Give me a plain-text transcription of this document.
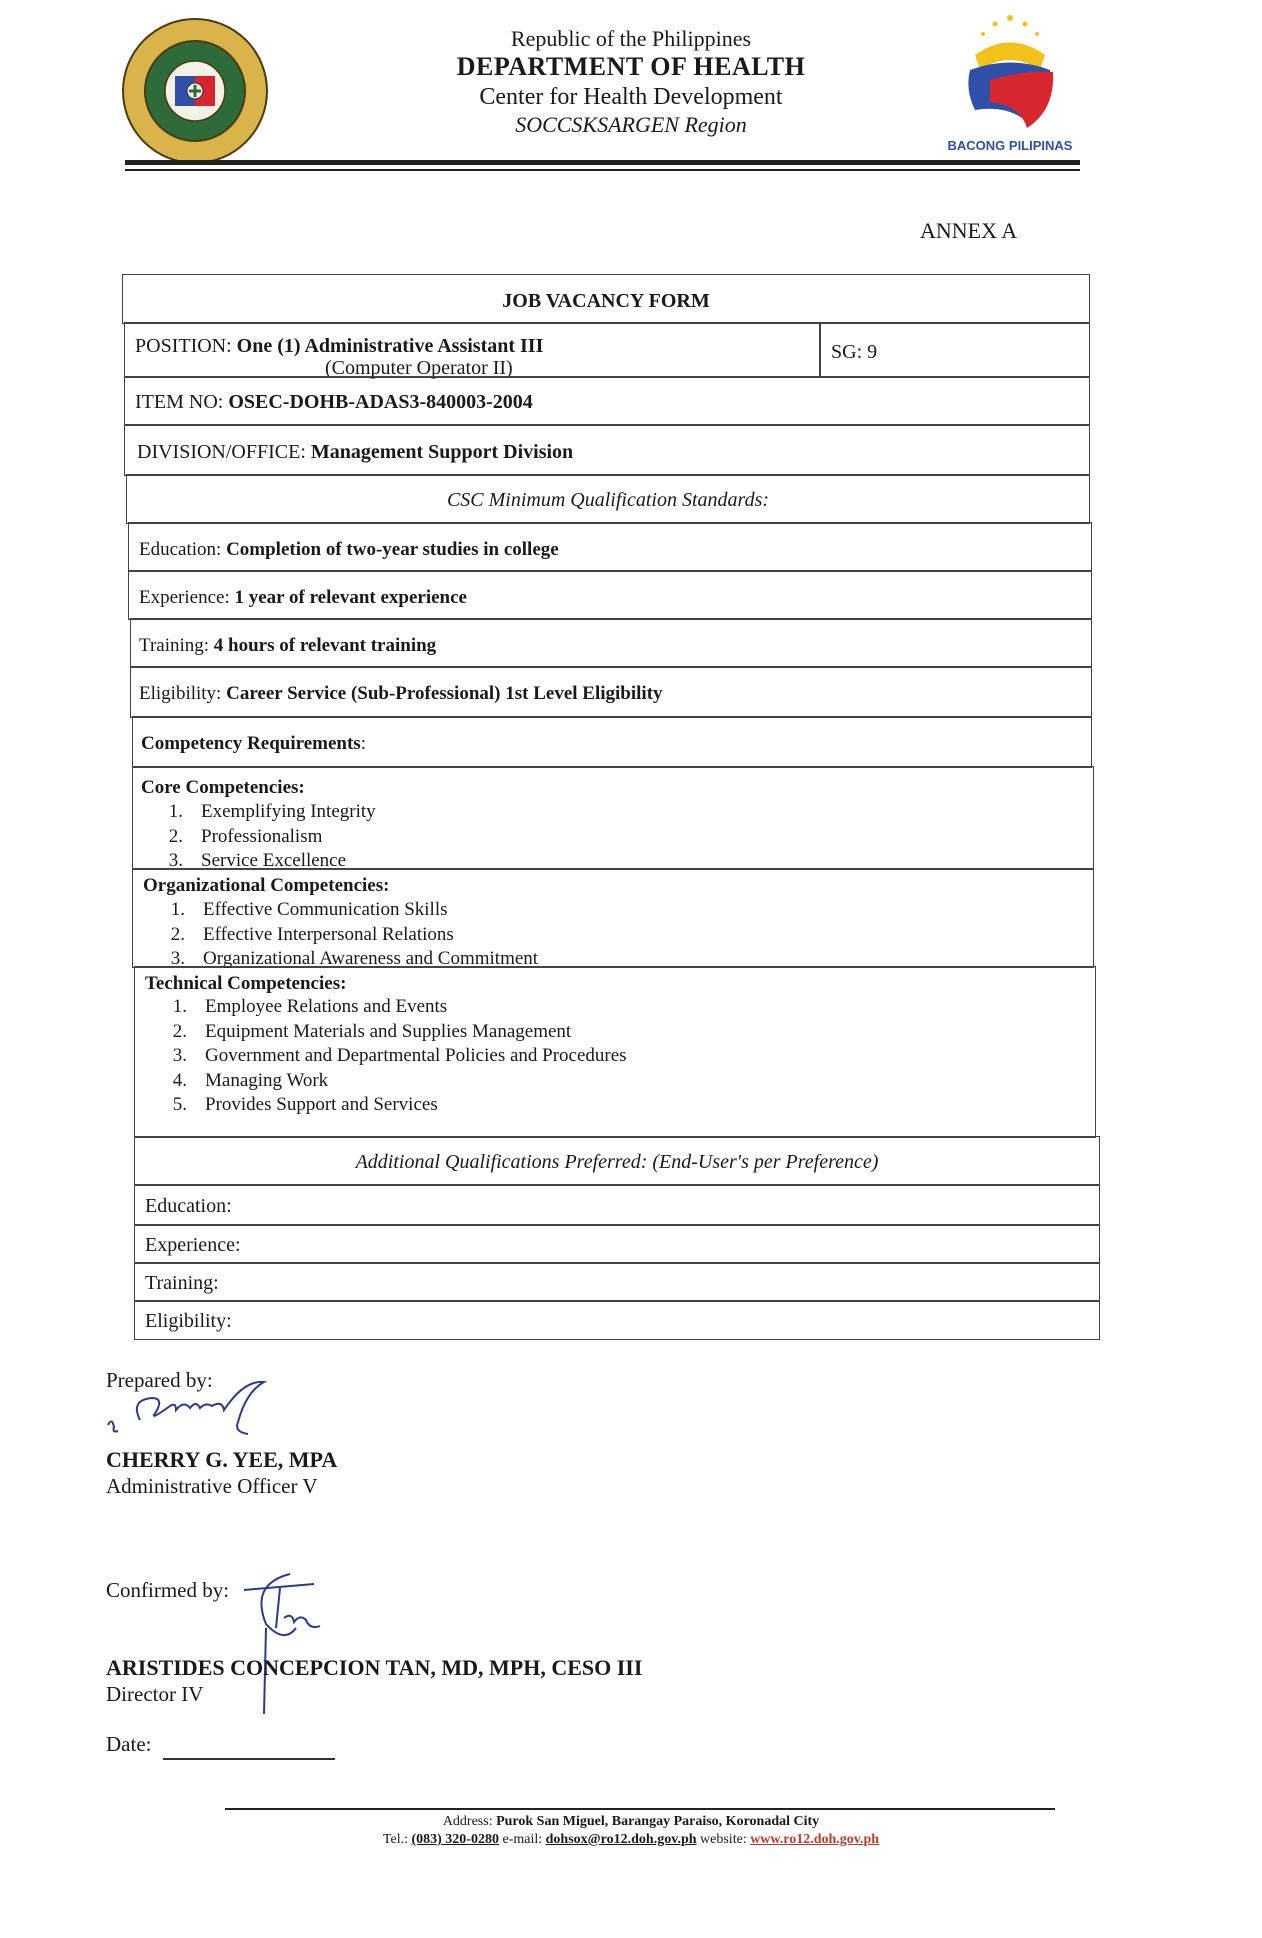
Republic of the Philippines
DEPARTMENT OF HEALTH
Center for Health Development
SOCCSKSARGEN Region
BACONG PILIPINAS
ANNEX A
JOB VACANCY FORM
POSITION: One (1) Administrative Assistant III
(Computer Operator II)
SG: 9
ITEM NO: OSEC-DOHB-ADAS3-840003-2004
DIVISION/OFFICE: Management Support Division
CSC Minimum Qualification Standards:
Education: Completion of two-year studies in college
Experience: 1 year of relevant experience
Training: 4 hours of relevant training
Eligibility: Career Service (Sub-Professional) 1st Level Eligibility
Competency Requirements:
Core Competencies:
1. Exemplifying Integrity
2. Professionalism
3. Service Excellence
Organizational Competencies:
1. Effective Communication Skills
2. Effective Interpersonal Relations
3. Organizational Awareness and Commitment
Technical Competencies:
1. Employee Relations and Events
2. Equipment Materials and Supplies Management
3. Government and Departmental Policies and Procedures
4. Managing Work
5. Provides Support and Services
Additional Qualifications Preferred: (End-User's per Preference)
Education:
Experience:
Training:
Eligibility:
Prepared by:
CHERRY G. YEE, MPA
Administrative Officer V
Confirmed by:
ARISTIDES CONCEPCION TAN, MD, MPH, CESO III
Director IV
Date:
Address: Purok San Miguel, Barangay Paraiso, Koronadal City
Tel.: (083) 320-0280 e-mail: dohsox@ro12.doh.gov.ph website: www.ro12.doh.gov.ph
